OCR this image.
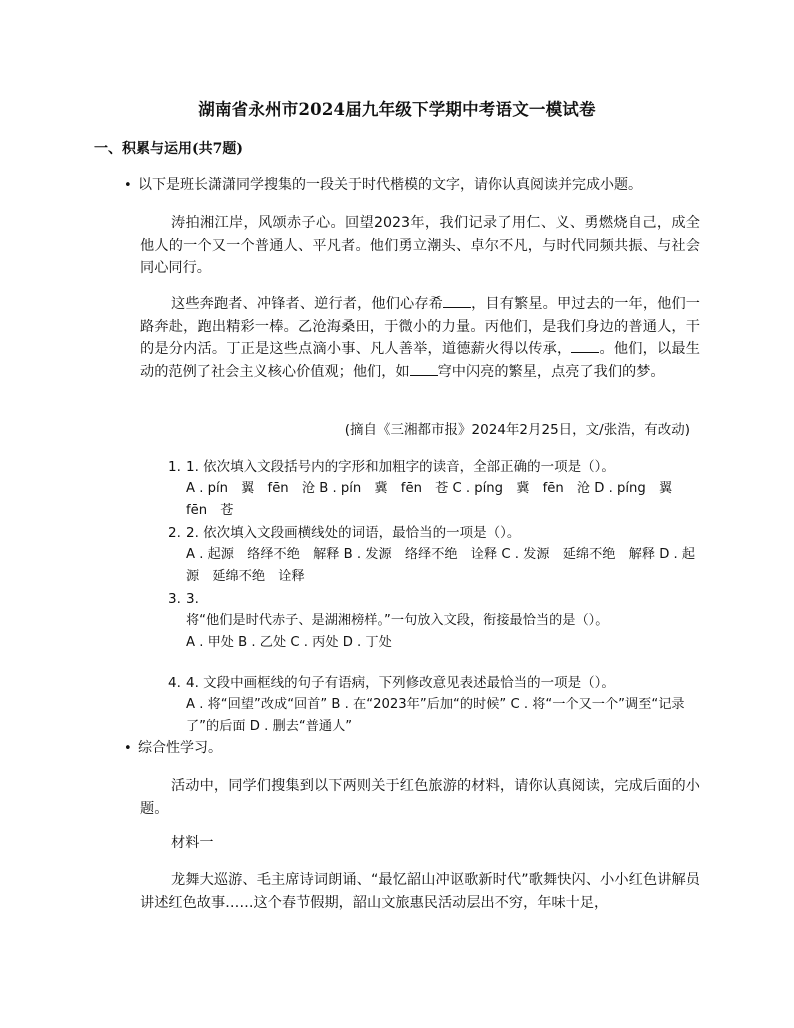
湖南省永州市2024届九年级下学期中考语文一模试卷
一、积累与运用(共7题)
• 以下是班长潇潇同学搜集的一段关于时代楷模的文字，请你认真阅读并完成小题。
涛拍湘江岸，风颂赤子心。回望2023年，我们记录了用仁、义、勇燃烧自己，成全他人的一个又一个普通人、平凡者。他们勇立潮头、卓尔不凡，与时代同频共振、与社会同心同行。
这些奔跑者、冲锋者、逆行者，他们心存希 ，目有繁星。甲过去的一年，他们一路奔赴，跑出精彩一棒。乙沧海桑田，于微小的力量。丙他们，是我们身边的普通人，干的是分内活。丁正是这些点滴小事、凡人善举，道德薪火得以传承， 。他们，以最生动的范例了社会主义核心价值观；他们，如 穹中闪亮的繁星，点亮了我们的梦。
(摘自《三湘都市报》2024年2月25日，文/张浩，有改动)
1. 1. 依次填入文段括号内的字形和加粗字的读音，全部正确的一项是（）。
A . pín　翼　fēn　沧 B . pín　冀　fēn　苍 C . píng　冀　fēn　沧 D . píng　翼　fēn　苍
2. 2. 依次填入文段画横线处的词语，最恰当的一项是（）。
A . 起源　络绎不绝　解释 B . 发源　络绎不绝　诠释 C . 发源　延绵不绝　解释 D . 起源　延绵不绝　诠释
3. 3.
将“他们是时代赤子、是湖湘榜样。”一句放入文段，衔接最恰当的是（）。
A . 甲处 B . 乙处 C . 丙处 D . 丁处
4. 4. 文段中画框线的句子有语病，下列修改意见表述最恰当的一项是（）。
A . 将“回望”改成“回首” B . 在“2023年”后加“的时候” C . 将“一个又一个”调至“记录了”的后面 D . 删去“普通人”
• 综合性学习。
活动中，同学们搜集到以下两则关于红色旅游的材料，请你认真阅读，完成后面的小题。
材料一
龙舞大巡游、毛主席诗词朗诵、“最忆韶山冲讴歌新时代”歌舞快闪、小小红色讲解员讲述红色故事……这个春节假期，韶山文旅惠民活动层出不穷，年味十足，
